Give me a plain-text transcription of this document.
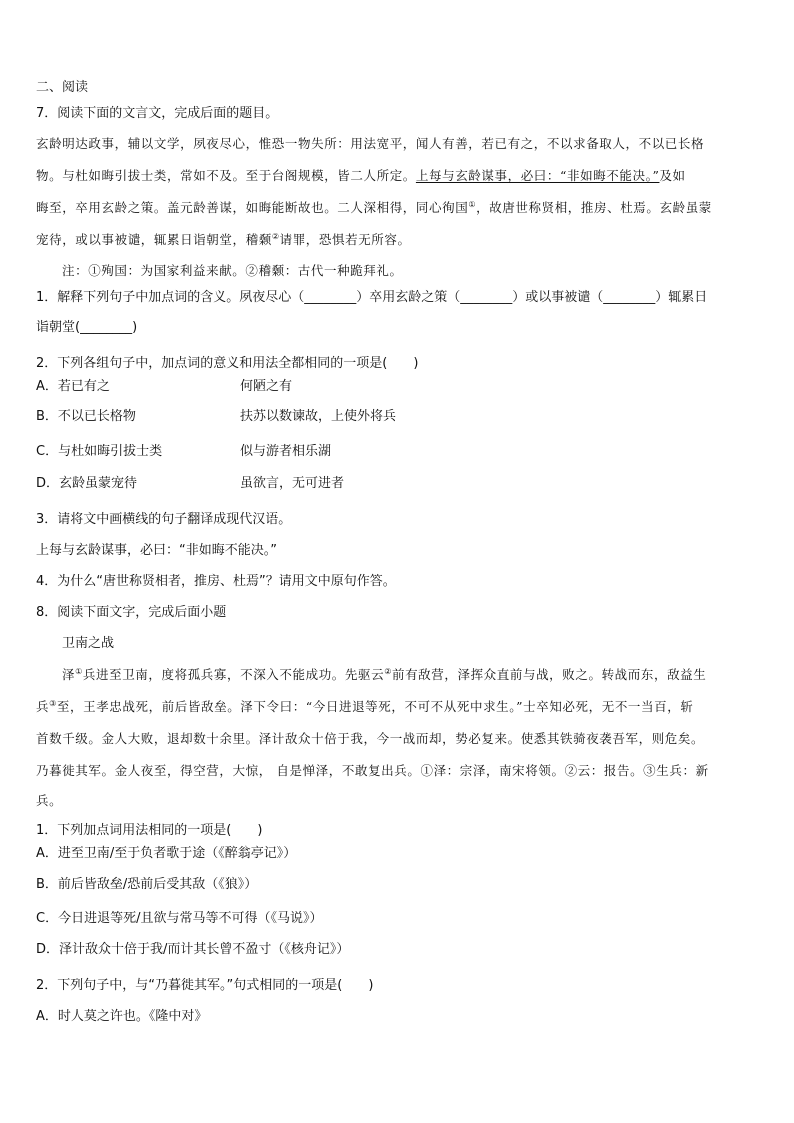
二、阅读
7．阅读下面的文言文，完成后面的题目。
玄龄明达政事，辅以文学，夙夜尽心，惟恐一物失所：用法宽平，闻人有善，若已有之，不以求备取人，不以已长格
物。与杜如晦引拔士类，常如不及。至于台阁规模，皆二人所定。上每与玄龄谋事，必曰：“非如晦不能决。”及如
晦至，卒用玄龄之策。盖元龄善谋，如晦能断故也。二人深相得，同心徇国①，故唐世称贤相，推房、杜焉。玄龄虽蒙
宠待，或以事被谴，辄累日诣朝堂，稽颡②请罪，恐惧若无所容。
注：①殉国：为国家利益来献。②稽颡：古代一种跪拜礼。
1．解释下列句子中加点词的含义。夙夜尽心（________）卒用玄龄之策（________）或以事被谴（________）辄累日
诣朝堂(________)
2．下列各组句子中，加点词的意义和用法全都相同的一项是(　　)
A．若已有之	何陋之有
B．不以已长格物	扶苏以数谏故，上使外将兵
C．与杜如晦引拔士类	似与游者相乐湖
D．玄龄虽蒙宠待	虽欲言，无可进者
3．请将文中画横线的句子翻译成现代汉语。
上每与玄龄谋事，必曰：“非如晦不能决。”
4．为什么“唐世称贤相者，推房、杜焉”？请用文中原句作答。
8．阅读下面文字，完成后面小题
卫南之战
泽①兵进至卫南，度将孤兵寡，不深入不能成功。先驱云②前有敌营，泽挥众直前与战，败之。转战而东，敌益生
兵③至，王孝忠战死，前后皆敌垒。泽下令曰：“今日进退等死，不可不从死中求生。”士卒知必死，无不一当百，斩
首数千级。金人大败，退却数十余里。泽计敌众十倍于我，今一战而却，势必复来。使悉其铁骑夜袭吾军，则危矣。
乃暮徙其军。金人夜至，得空营，大惊， 自是惮泽，不敢复出兵。①泽：宗泽，南宋将领。②云：报告。③生兵：新
兵。
1．下列加点词用法相同的一项是(　　)
A．进至卫南/至于负者歌于途（《醉翁亭记》）
B．前后皆敌垒/恐前后受其敌（《狼》）
C．今日进退等死/且欲与常马等不可得（《马说》）
D．泽计敌众十倍于我/而计其长曾不盈寸（《核舟记》）
2．下列句子中，与“乃暮徙其军。”句式相同的一项是(　　)
A．时人莫之许也。《隆中对》
